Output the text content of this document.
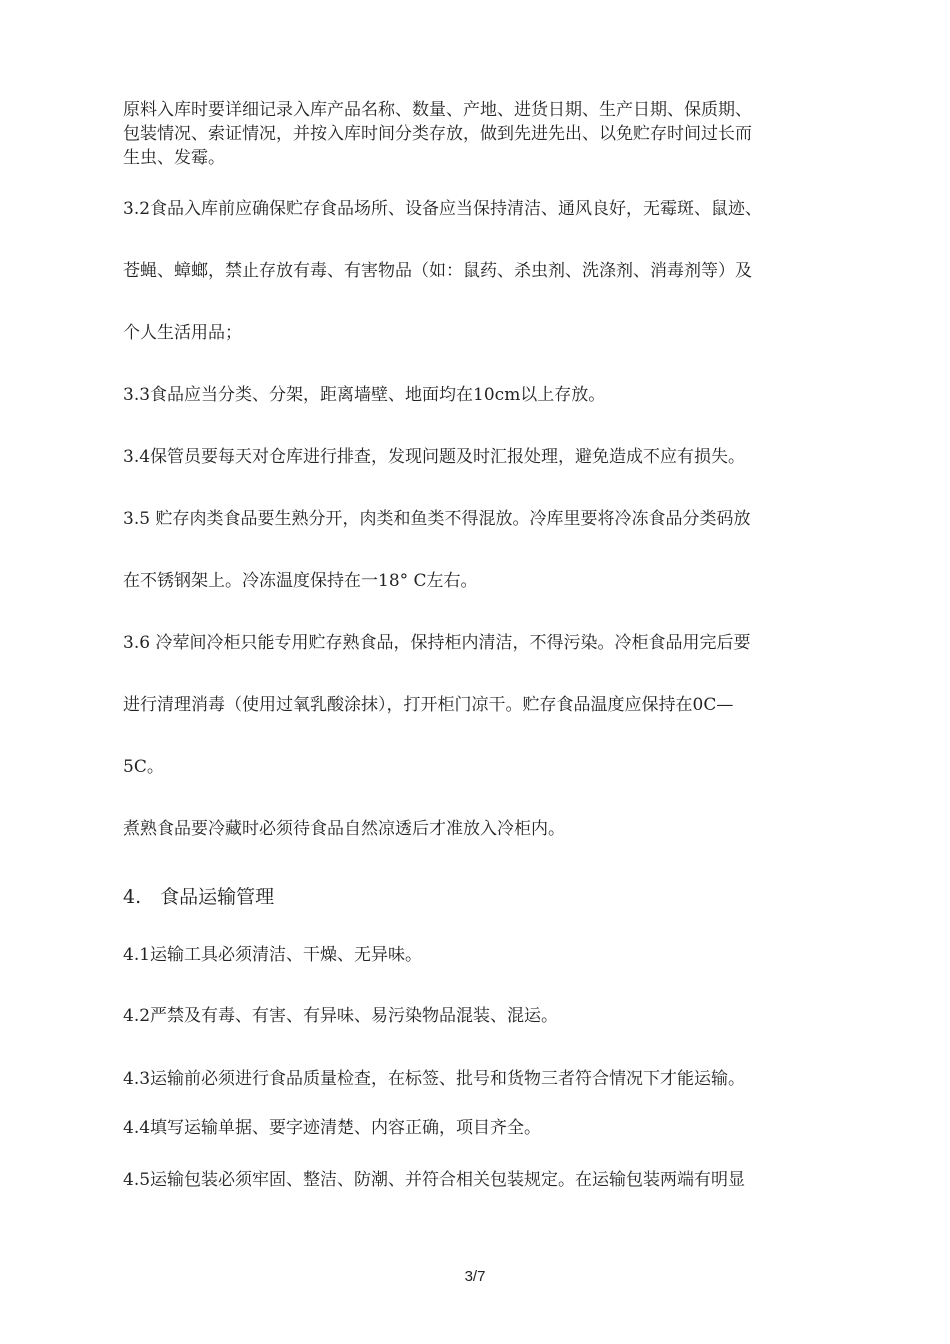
原料入库时要详细记录入库产品名称、数量、产地、进货日期、生产日期、保质期、
包装情况、索证情况，并按入库时间分类存放，做到先进先出、以免贮存时间过长而
生虫、发霉。
3.2食品入库前应确保贮存食品场所、设备应当保持清洁、通风良好，无霉斑、鼠迹、
苍蝇、蟑螂，禁止存放有毒、有害物品（如：鼠药、杀虫剂、洗涤剂、消毒剂等）及
个人生活用品；
3.3食品应当分类、分架，距离墙壁、地面均在10cm以上存放。
3.4保管员要每天对仓库进行排查，发现问题及时汇报处理，避免造成不应有损失。
3.5 贮存肉类食品要生熟分开，肉类和鱼类不得混放。冷库里要将冷冻食品分类码放
在不锈钢架上。冷冻温度保持在一18° C左右。
3.6 冷荤间冷柜只能专用贮存熟食品，保持柜内清洁，不得污染。冷柜食品用完后要
进行清理消毒（使用过氧乳酸涂抹），打开柜门凉干。贮存食品温度应保持在0C—
5C。
煮熟食品要冷藏时必须待食品自然凉透后才准放入冷柜内。
4.　食品运输管理
4.1运输工具必须清洁、干燥、无异味。
4.2严禁及有毒、有害、有异味、易污染物品混装、混运。
4.3运输前必须进行食品质量检查，在标签、批号和货物三者符合情况下才能运输。
4.4填写运输单据、要字迹清楚、内容正确，项目齐全。
4.5运输包装必须牢固、整洁、防潮、并符合相关包装规定。在运输包装两端有明显
3/7
